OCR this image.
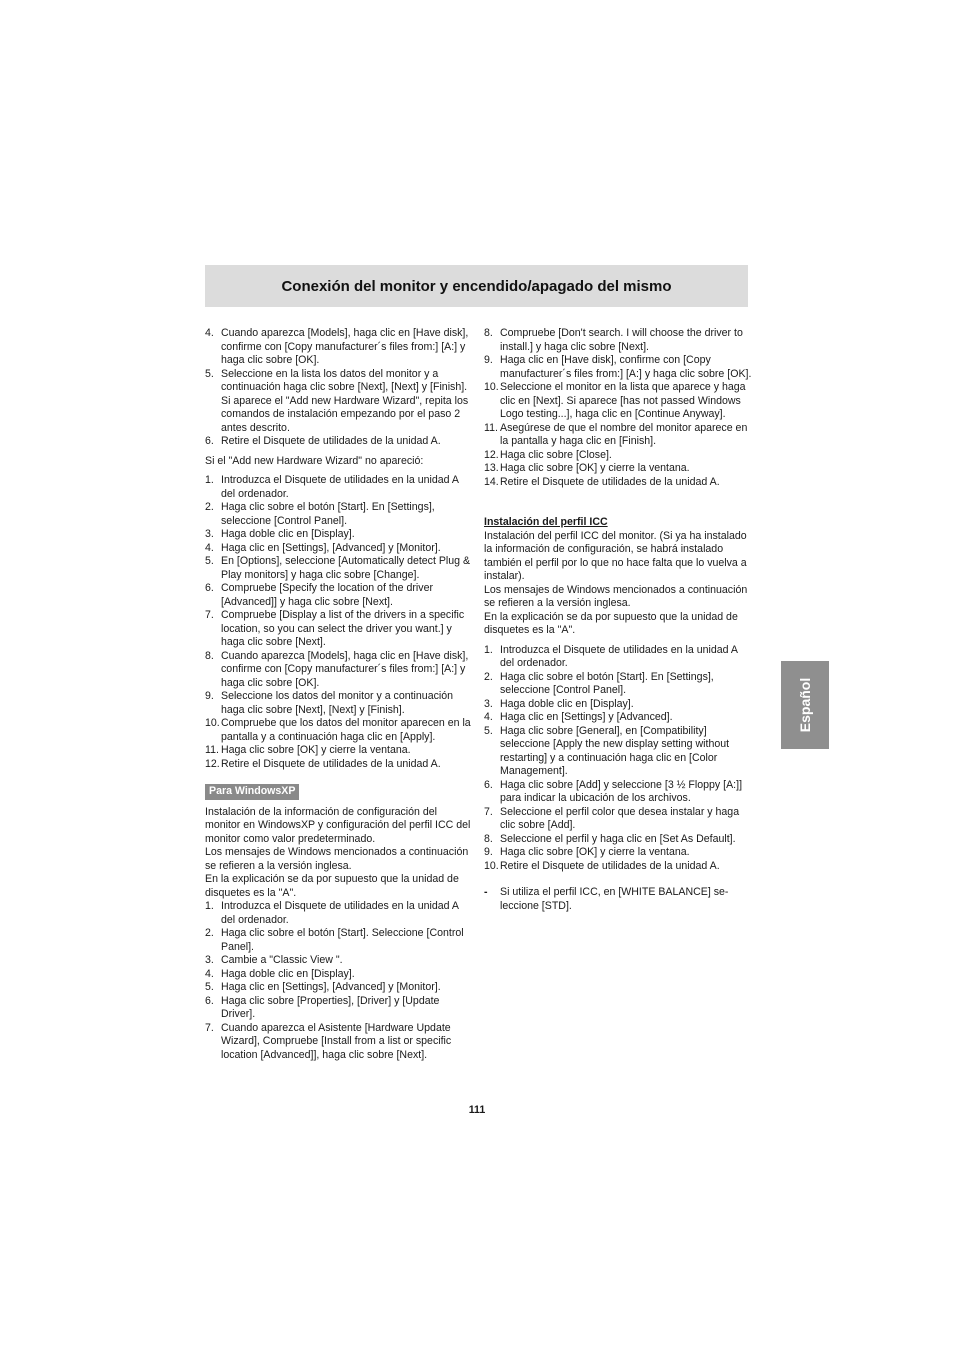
Conexión del monitor y encendido/apagado del mismo
4. Cuando aparezca [Models], haga clic en [Have disk], confirme con [Copy manufacturer´s files from:] [A:] y haga clic sobre [OK].
5. Seleccione en la lista los datos del monitor y a continuación haga clic sobre [Next], [Next] y [Finish]. Si aparece el "Add new Hardware Wizard", repita los comandos de instalación empezando por el paso 2 antes descrito.
6. Retire el Disquete de utilidades de la unidad A.

Si el "Add new Hardware Wizard" no apareció:

1. Introduzca el Disquete de utilidades en la unidad A del ordenador.
2. Haga clic sobre el botón [Start]. En [Settings], seleccione [Control Panel].
3. Haga doble clic en [Display].
4. Haga clic en [Settings], [Advanced] y [Monitor].
5. En [Options], seleccione [Automatically detect Plug & Play monitors] y haga clic sobre [Change].
6. Compruebe [Specify the location of the driver [Advanced]] y haga clic sobre [Next].
7. Compruebe [Display a list of the drivers in a specific location, so you can select the driver you want.] y haga clic sobre [Next].
8. Cuando aparezca [Models], haga clic en [Have disk], confirme con [Copy manufacturer´s files from:] [A:] y haga clic sobre [OK].
9. Seleccione los datos del monitor y a continuación haga clic sobre [Next], [Next] y [Finish].
10. Compruebe que los datos del monitor aparecen en la pantalla y a continuación haga clic en [Apply].
11. Haga clic sobre [OK] y cierre la ventana.
12. Retire el Disquete de utilidades de la unidad A.
Para WindowsXP

Instalación de la información de configuración del monitor en WindowsXP y configuración del perfil ICC del monitor como valor predeterminado.

Los mensajes de Windows mencionados a continuación se refieren a la versión inglesa.

En la explicación se da por supuesto que la unidad de disquetes es la "A".

1. Introduzca el Disquete de utilidades en la unidad A del ordenador.
2. Haga clic sobre el botón [Start]. Seleccione [Control Panel].
3. Cambie a "Classic View ".
4. Haga doble clic en [Display].
5. Haga clic en [Settings], [Advanced] y [Monitor].
6. Haga clic sobre [Properties], [Driver] y [Update Driver].
7. Cuando aparezca el Asistente [Hardware Update Wizard], Compruebe [Install from a list or specific location [Advanced]], haga clic sobre [Next].
8. Compruebe [Don't search. I will choose the driver to install.] y haga clic sobre [Next].
9. Haga clic en [Have disk], confirme con [Copy manufacturer´s files from:] [A:] y haga clic sobre [OK].
10. Seleccione el monitor en la lista que aparece y haga clic en [Next]. Si aparece [has not passed Windows Logo testing...], haga clic en [Continue Anyway].
11. Asegúrese de que el nombre del monitor aparece en la pantalla y haga clic en [Finish].
12. Haga clic sobre [Close].
13. Haga clic sobre [OK] y cierre la ventana.
14. Retire el Disquete de utilidades de la unidad A.

Instalación del perfil ICC

Instalación del perfil ICC del monitor. (Si ya ha instalado la información de configuración, se habrá instalado también el perfil por lo que no hace falta que lo vuelva a instalar).

Los mensajes de Windows mencionados a continuación se refieren a la versión inglesa.

En la explicación se da por supuesto que la unidad de disquetes es la "A".

1. Introduzca el Disquete de utilidades en la unidad A del ordenador.
2. Haga clic sobre el botón [Start]. En [Settings], seleccione [Control Panel].
3. Haga doble clic en [Display].
4. Haga clic en [Settings] y [Advanced].
5. Haga clic sobre [General], en [Compatibility] seleccione [Apply the new display setting without restarting] y a continuación haga clic en [Color Management].
6. Haga clic sobre [Add] y seleccione [3 ½ Floppy [A:]] para indicar la ubicación de los archivos.
7. Seleccione el perfil color que desea instalar y haga clic sobre [Add].
8. Seleccione el perfil y haga clic en [Set As Default].
9. Haga clic sobre [OK] y cierre la ventana.
10. Retire el Disquete de utilidades de la unidad A.
-	Si utiliza el perfil ICC, en [WHITE BALANCE] se-leccione [STD].
Español
111
